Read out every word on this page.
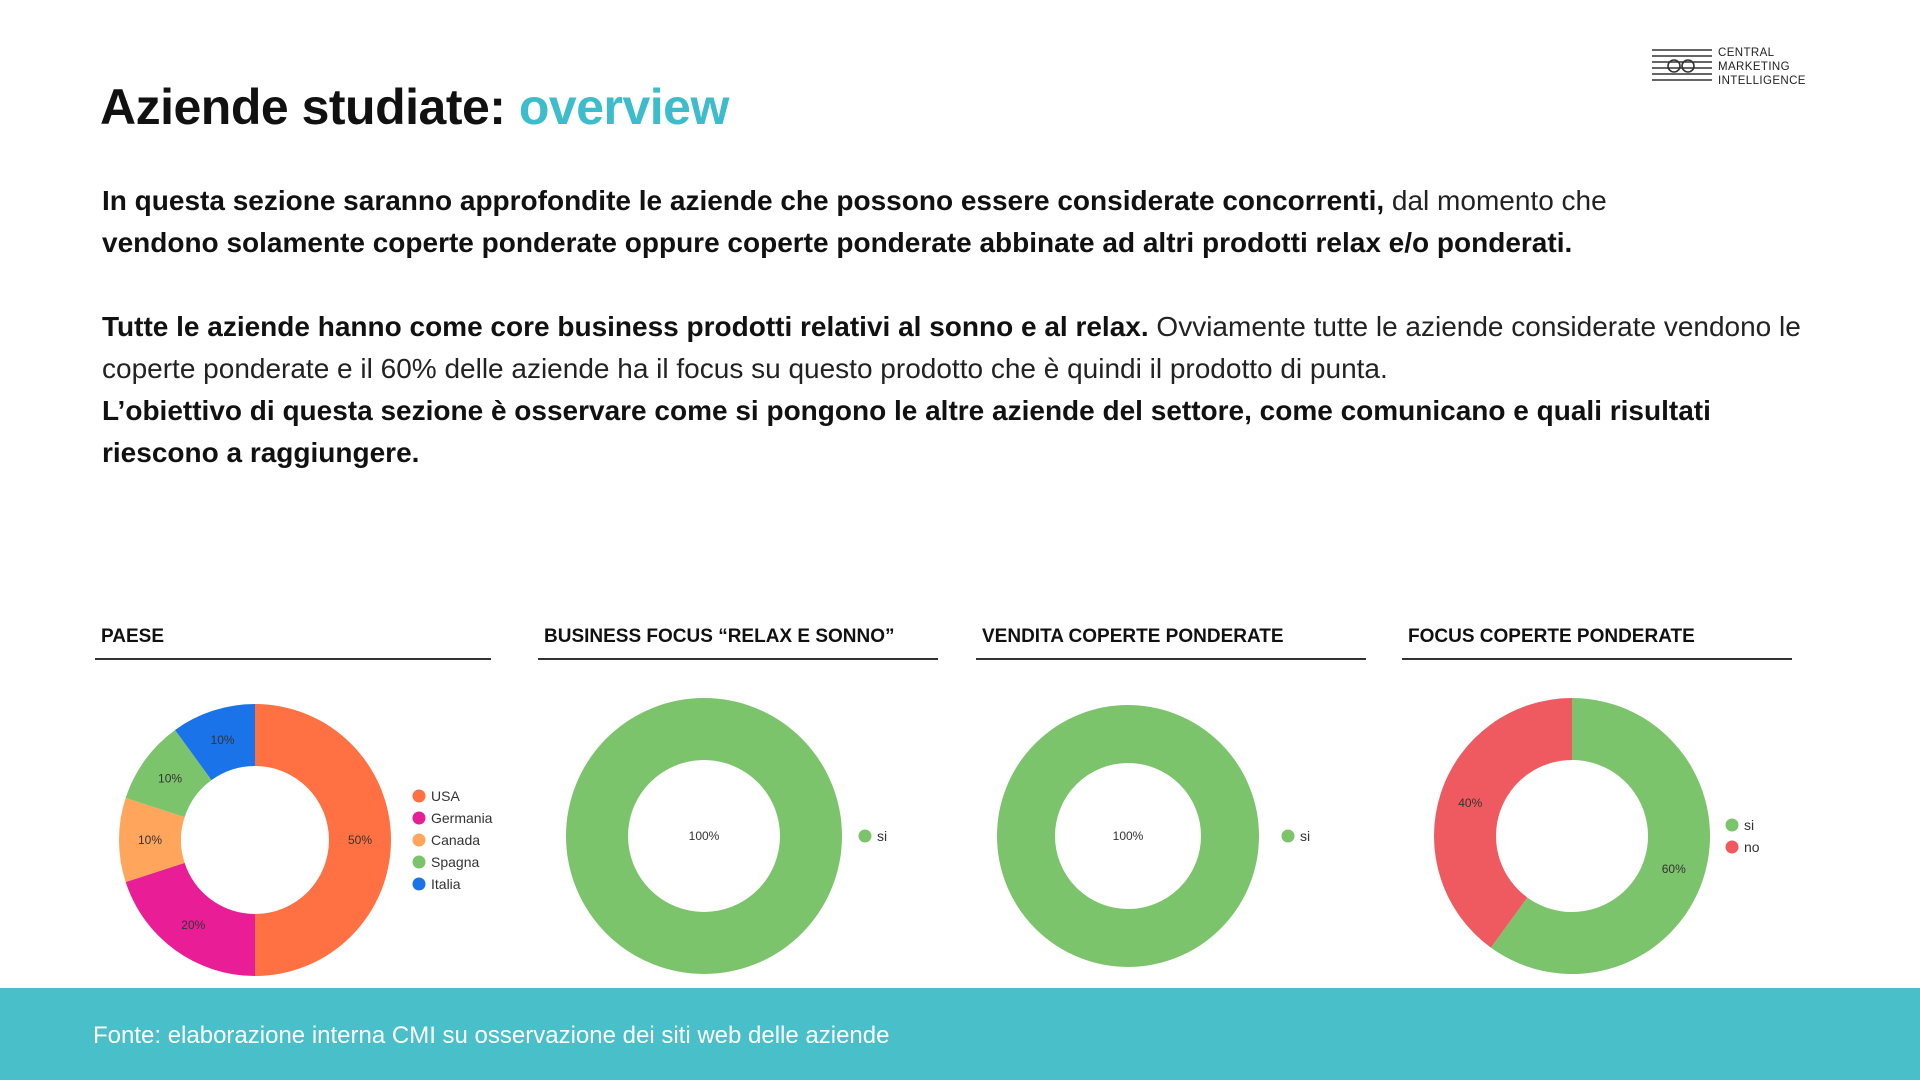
CENTRAL
MARKETING
INTELLIGENCE
Aziende studiate: overview

In questa sezione saranno approfondite le aziende che possono essere considerate concorrenti, dal momento che
vendono solamente coperte ponderate oppure coperte ponderate abbinate ad altri prodotti relax e/o ponderati.

Tutte le aziende hanno come core business prodotti relativi al sonno e al relax. Ovviamente tutte le aziende considerate vendono le coperte ponderate e il 60% delle aziende ha il focus su questo prodotto che è quindi il prodotto di punta.

L’obiettivo di questa sezione è osservare come si pongono le altre aziende del settore, come comunicano e quali risultati riescono a raggiungere.

PAESE
50%
20%
10%
10%
10%
USA
Germania
Canada
Spagna
Italia
BUSINESS FOCUS “RELAX E SONNO”
100%	si
VENDITA COPERTE PONDERATE
100%	si
FOCUS COPERTE PONDERATE
60%
40%
si
no
Fonte: elaborazione interna CMI su osservazione dei siti web delle aziende
